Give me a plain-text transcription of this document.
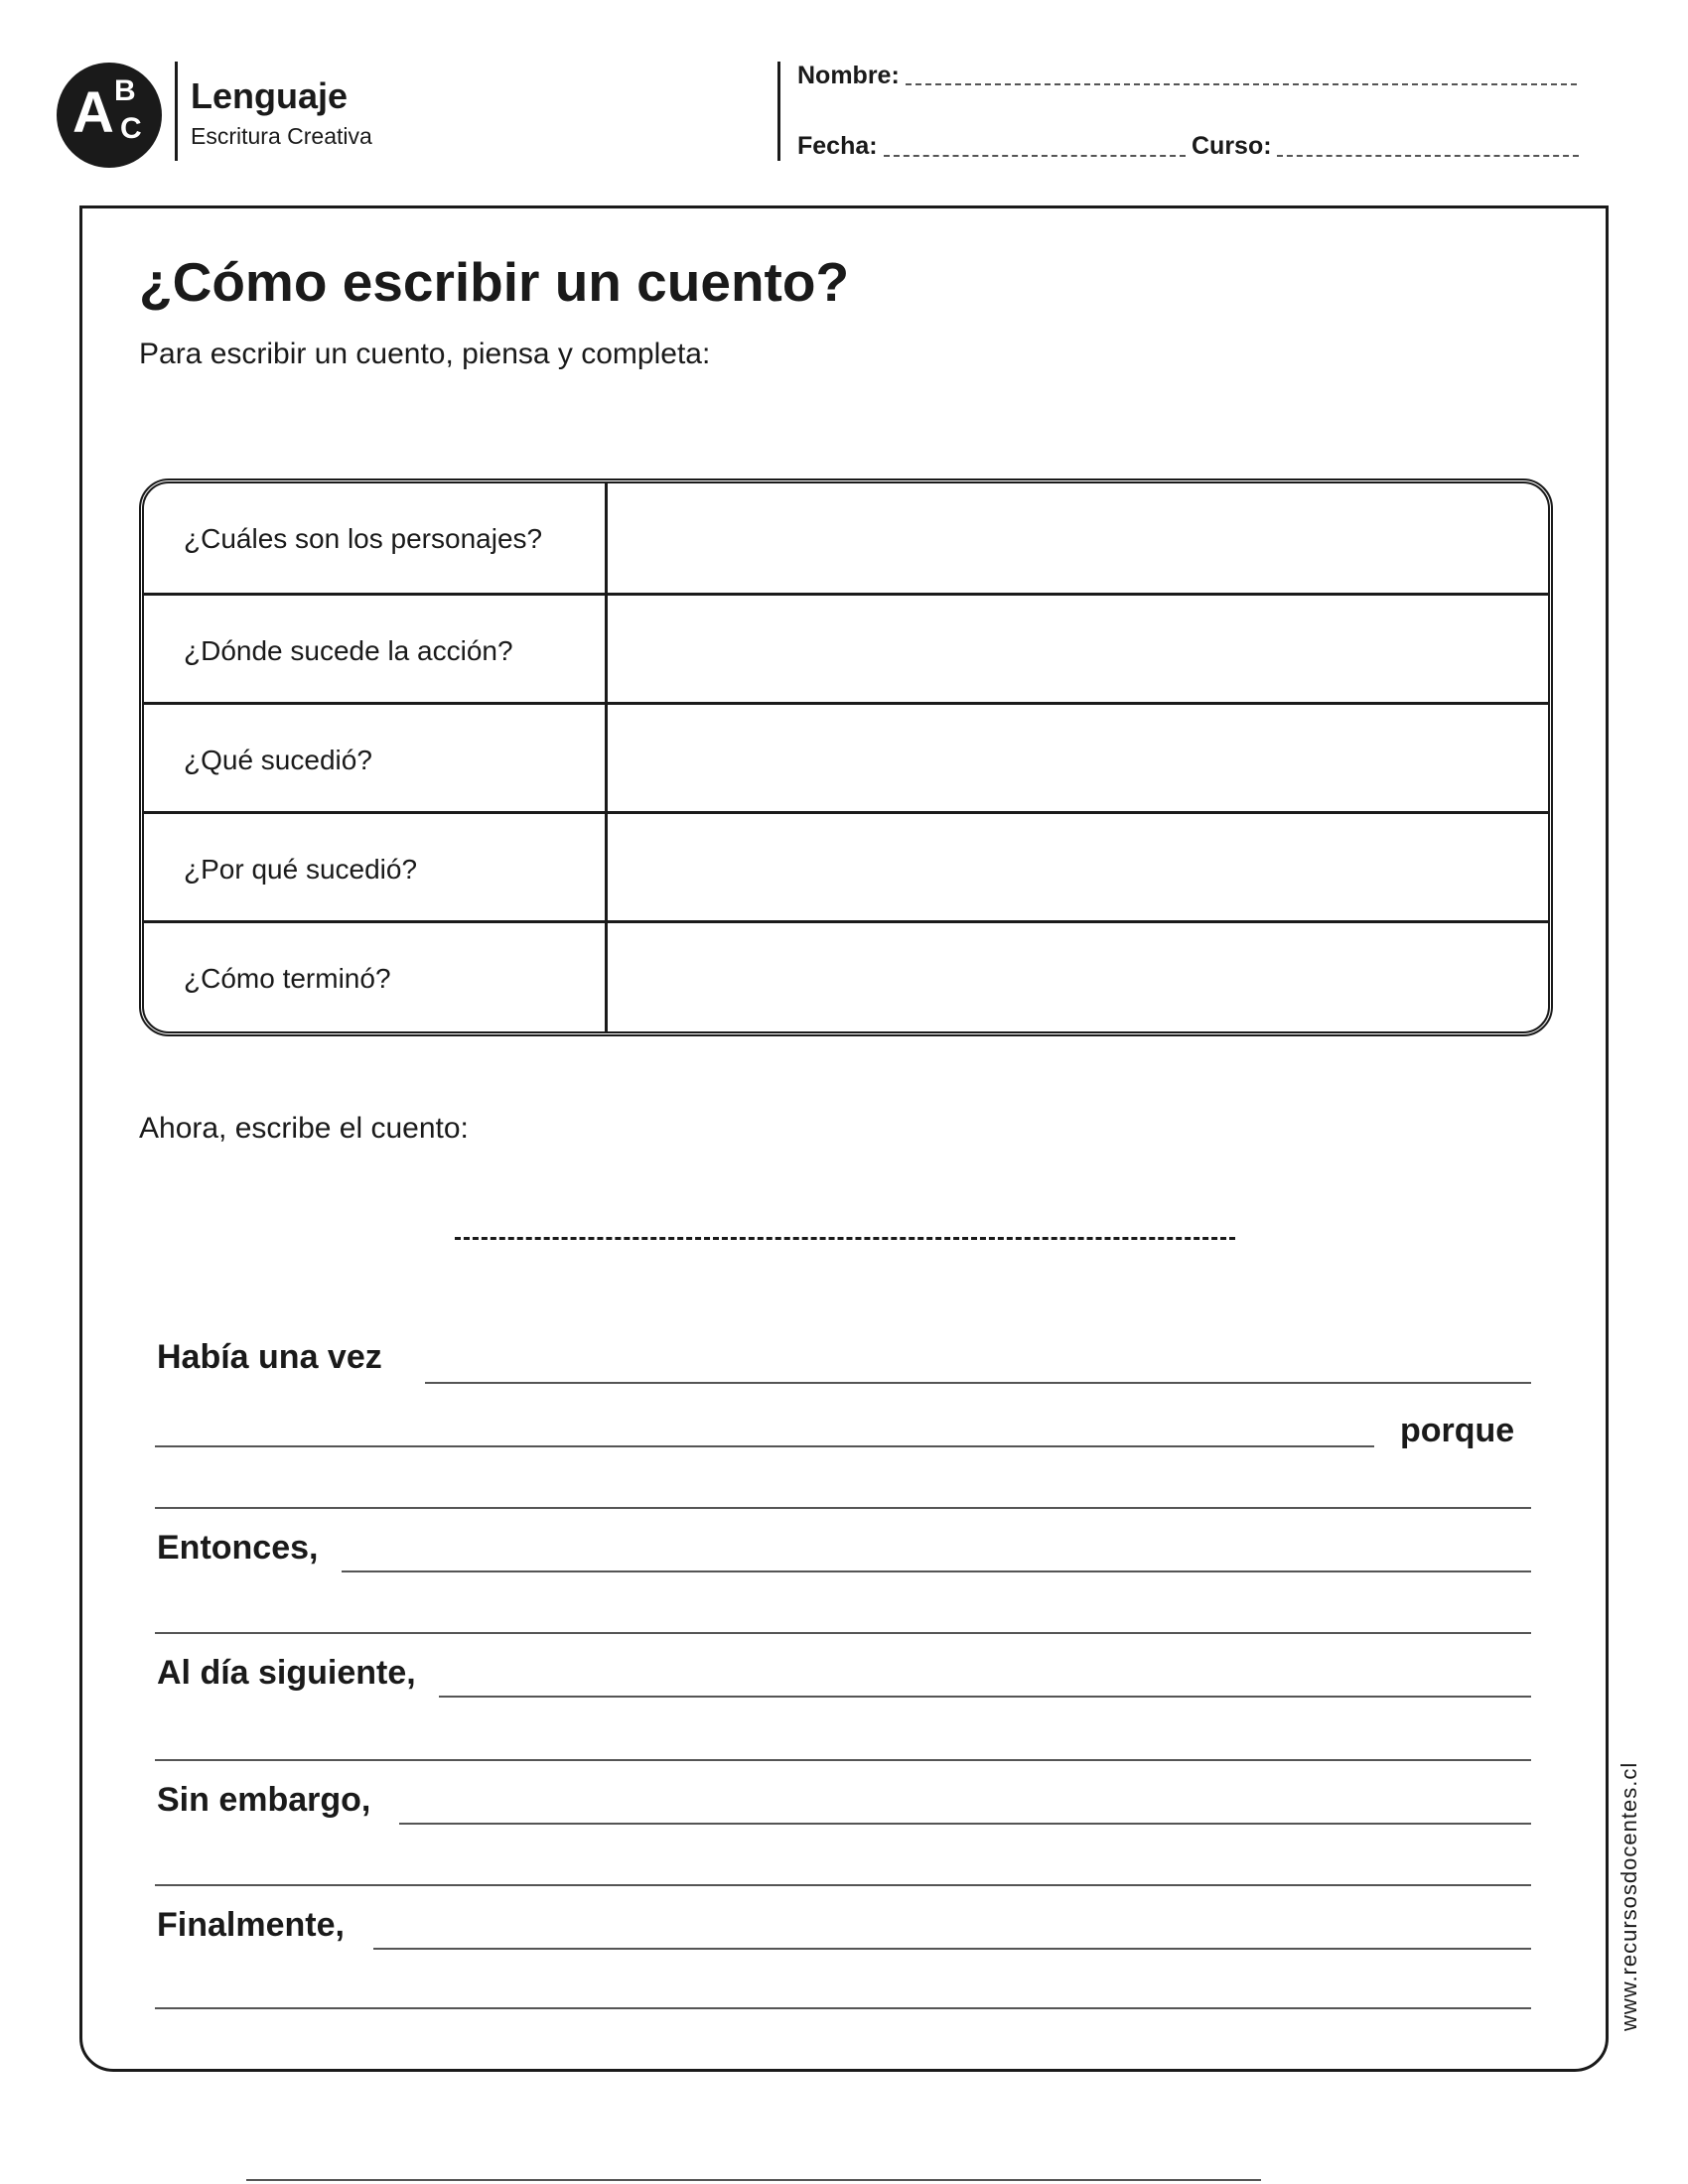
A B
C
Lenguaje
Escritura Creativa
Nombre:
Fecha:	Curso:
¿Cómo escribir un cuento?
Para escribir un cuento, piensa y completa:
¿Cuáles son los personajes?
¿Dónde sucede la acción?
¿Qué sucedió?
¿Por qué sucedió?
¿Cómo terminó?
Ahora, escribe el cuento:
Había una vez
porque
Entonces,
Al día siguiente,
Sin embargo,
Finalmente,	www.recursosdocentes.cl
